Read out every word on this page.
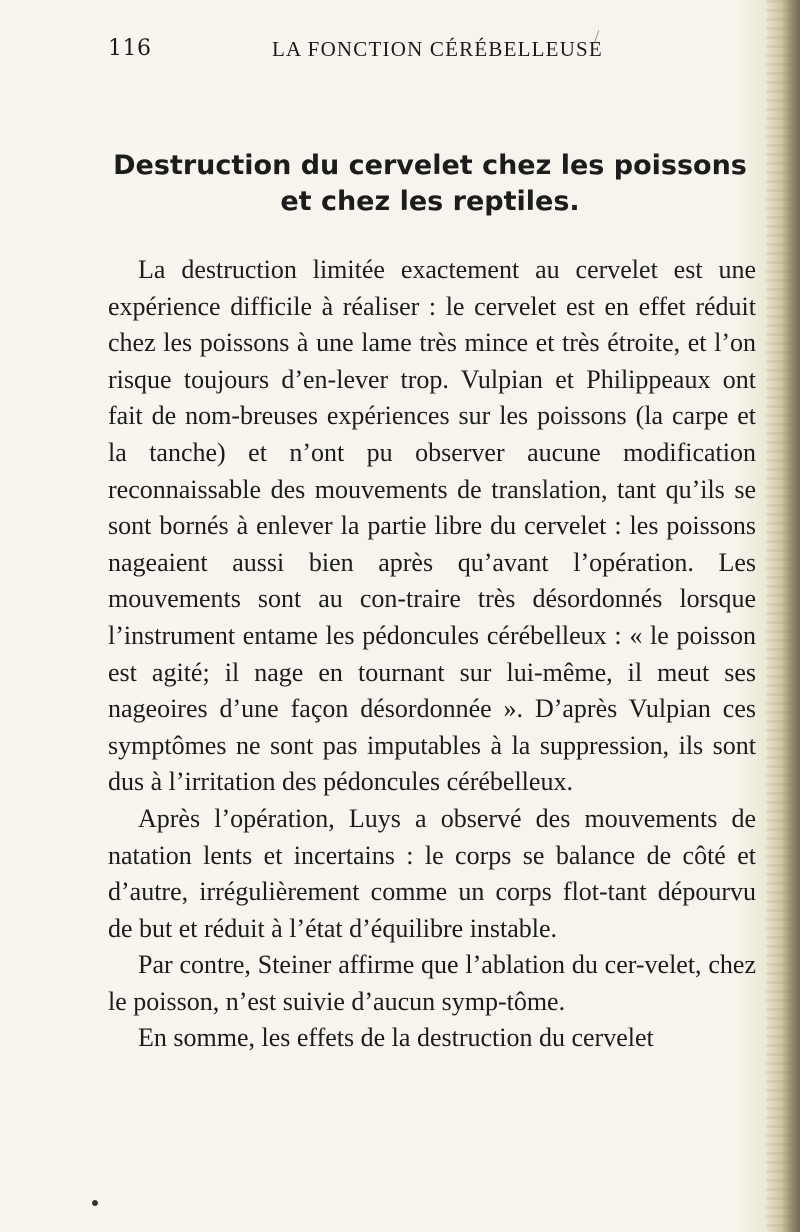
116	LA FONCTION CÉRÉBELLEUSE
Destruction du cervelet chez les poissons
et chez les reptiles.

La destruction limitée exactement au cervelet est une expérience difficile à réaliser : le cervelet est en effet réduit chez les poissons à une lame très mince et très étroite, et l’on risque toujours d’en-lever trop. Vulpian et Philippeaux ont fait de nom-breuses expériences sur les poissons (la carpe et la tanche) et n’ont pu observer aucune modification reconnaissable des mouvements de translation, tant qu’ils se sont bornés à enlever la partie libre du cervelet : les poissons nageaient aussi bien après qu’avant l’opération. Les mouvements sont au con-traire très désordonnés lorsque l’instrument entame les pédoncules cérébelleux : « le poisson est agité; il nage en tournant sur lui-même, il meut ses nageoires d’une façon désordonnée ». D’après Vulpian ces symptômes ne sont pas imputables à la suppression, ils sont dus à l’irritation des pédoncules cérébelleux.

Après l’opération, Luys a observé des mouvements de natation lents et incertains : le corps se balance de côté et d’autre, irrégulièrement comme un corps flot-tant dépourvu de but et réduit à l’état d’équilibre instable.

Par contre, Steiner affirme que l’ablation du cer-velet, chez le poisson, n’est suivie d’aucun symp-tôme.

En somme, les effets de la destruction du cervelet
